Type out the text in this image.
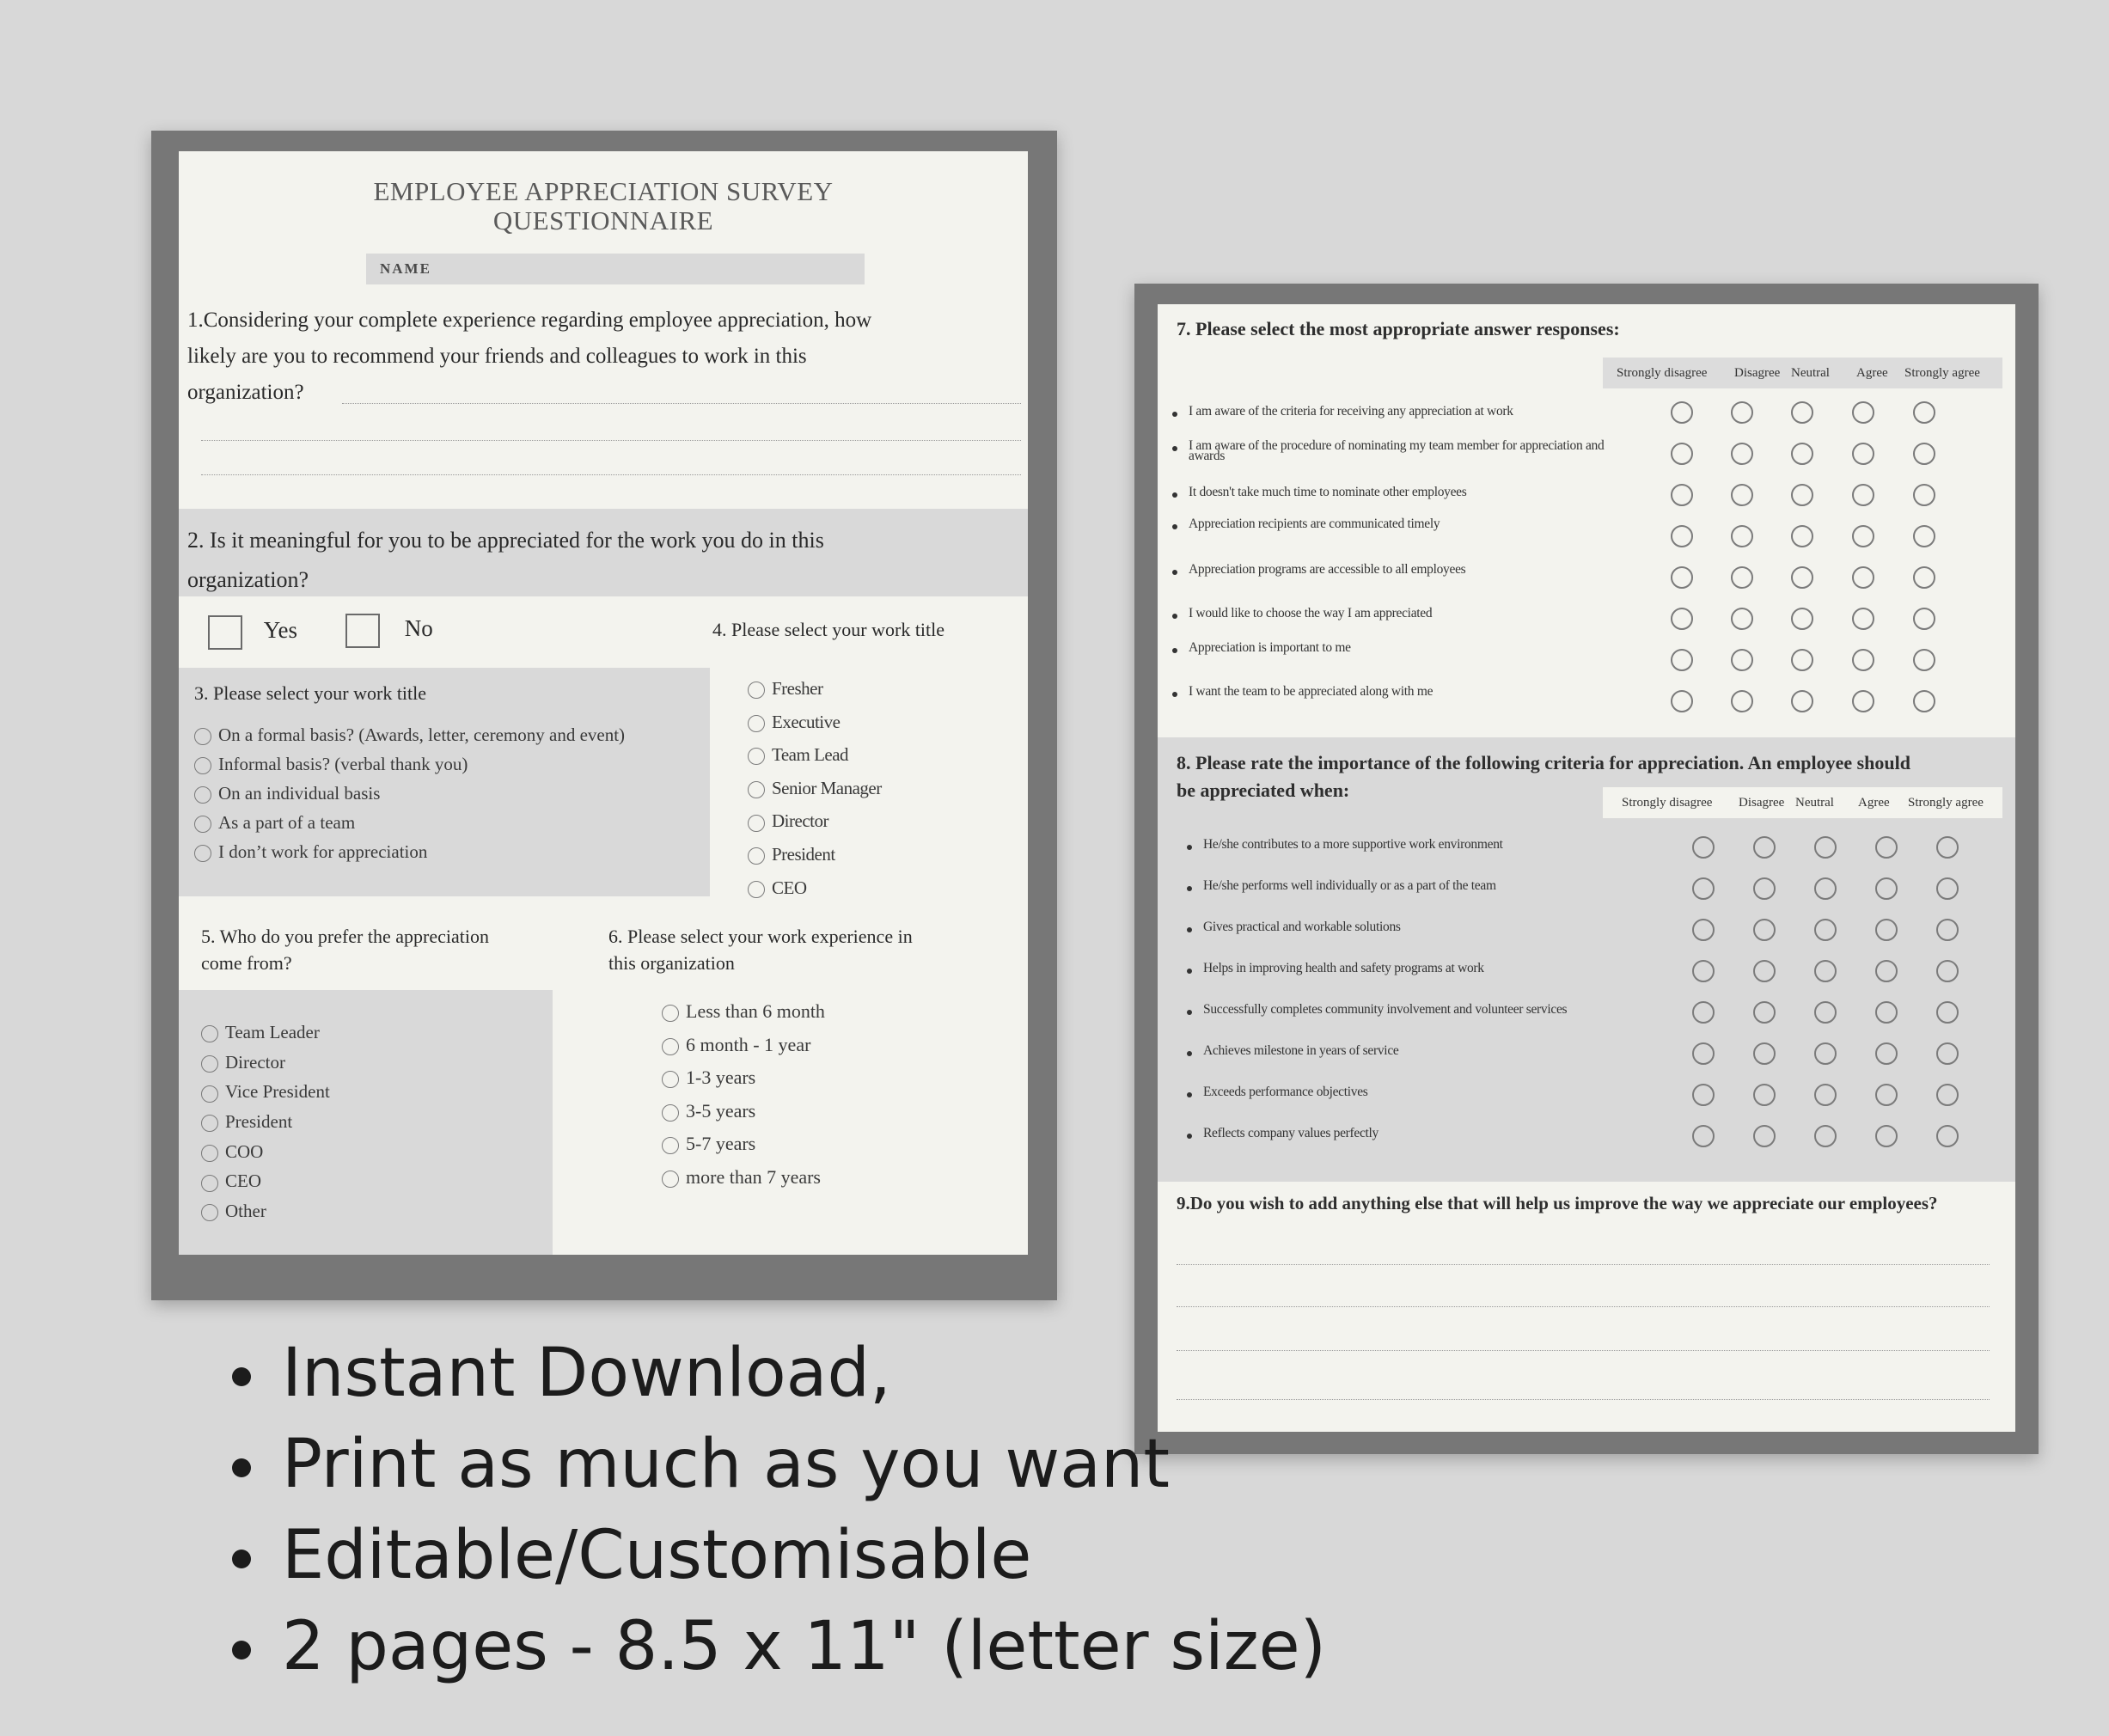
EMPLOYEE APPRECIATION SURVEY
QUESTIONNAIRE
NAME
1.Considering your complete experience regarding employee appreciation, how
likely are you to recommend your friends and colleagues to work in this
organization?
2. Is it meaningful for you to be appreciated for the work you do in this
organization?
Yes	No
3. Please select your work title
On a formal basis? (Awards, letter, ceremony and event)
Informal basis? (verbal thank you)
On an individual basis
As a part of a team
I don’t work for appreciation
4. Please select your work title
Fresher
Executive
Team Lead
Senior Manager
Director
President
CEO
5. Who do you prefer the appreciation
come from?
Team Leader
Director
Vice President
President
COO
CEO
Other
6. Please select your work experience in
this organization
Less than 6 month
6 month - 1 year
1-3 years
3-5 years
5-7 years
more than 7 years
7. Please select the most appropriate answer responses:
Strongly disagree Disagree Neutral Agree Strongly agree
I am aware of the criteria for receiving any appreciation at work
I am aware of the procedure of nominating my team member for appreciation and
awards
It doesn't take much time to nominate other employees
Appreciation recipients are communicated timely
Appreciation programs are accessible to all employees
I would like to choose the way I am appreciated
Appreciation is important to me
I want the team to be appreciated along with me
8. Please rate the importance of the following criteria for appreciation. An employee should
be appreciated when:
Strongly disagree Disagree Neutral Agree Strongly agree
He/she contributes to a more supportive work environment
He/she performs well individually or as a part of the team
Gives practical and workable solutions
Helps in improving health and safety programs at work
Successfully completes community involvement and volunteer services
Achieves milestone in years of service
Exceeds performance objectives
Reflects company values perfectly
9.Do you wish to add anything else that will help us improve the way we appreciate our employees?
Instant Download,
Print as much as you want
Editable/Customisable
2 pages - 8.5 x 11" (letter size)
